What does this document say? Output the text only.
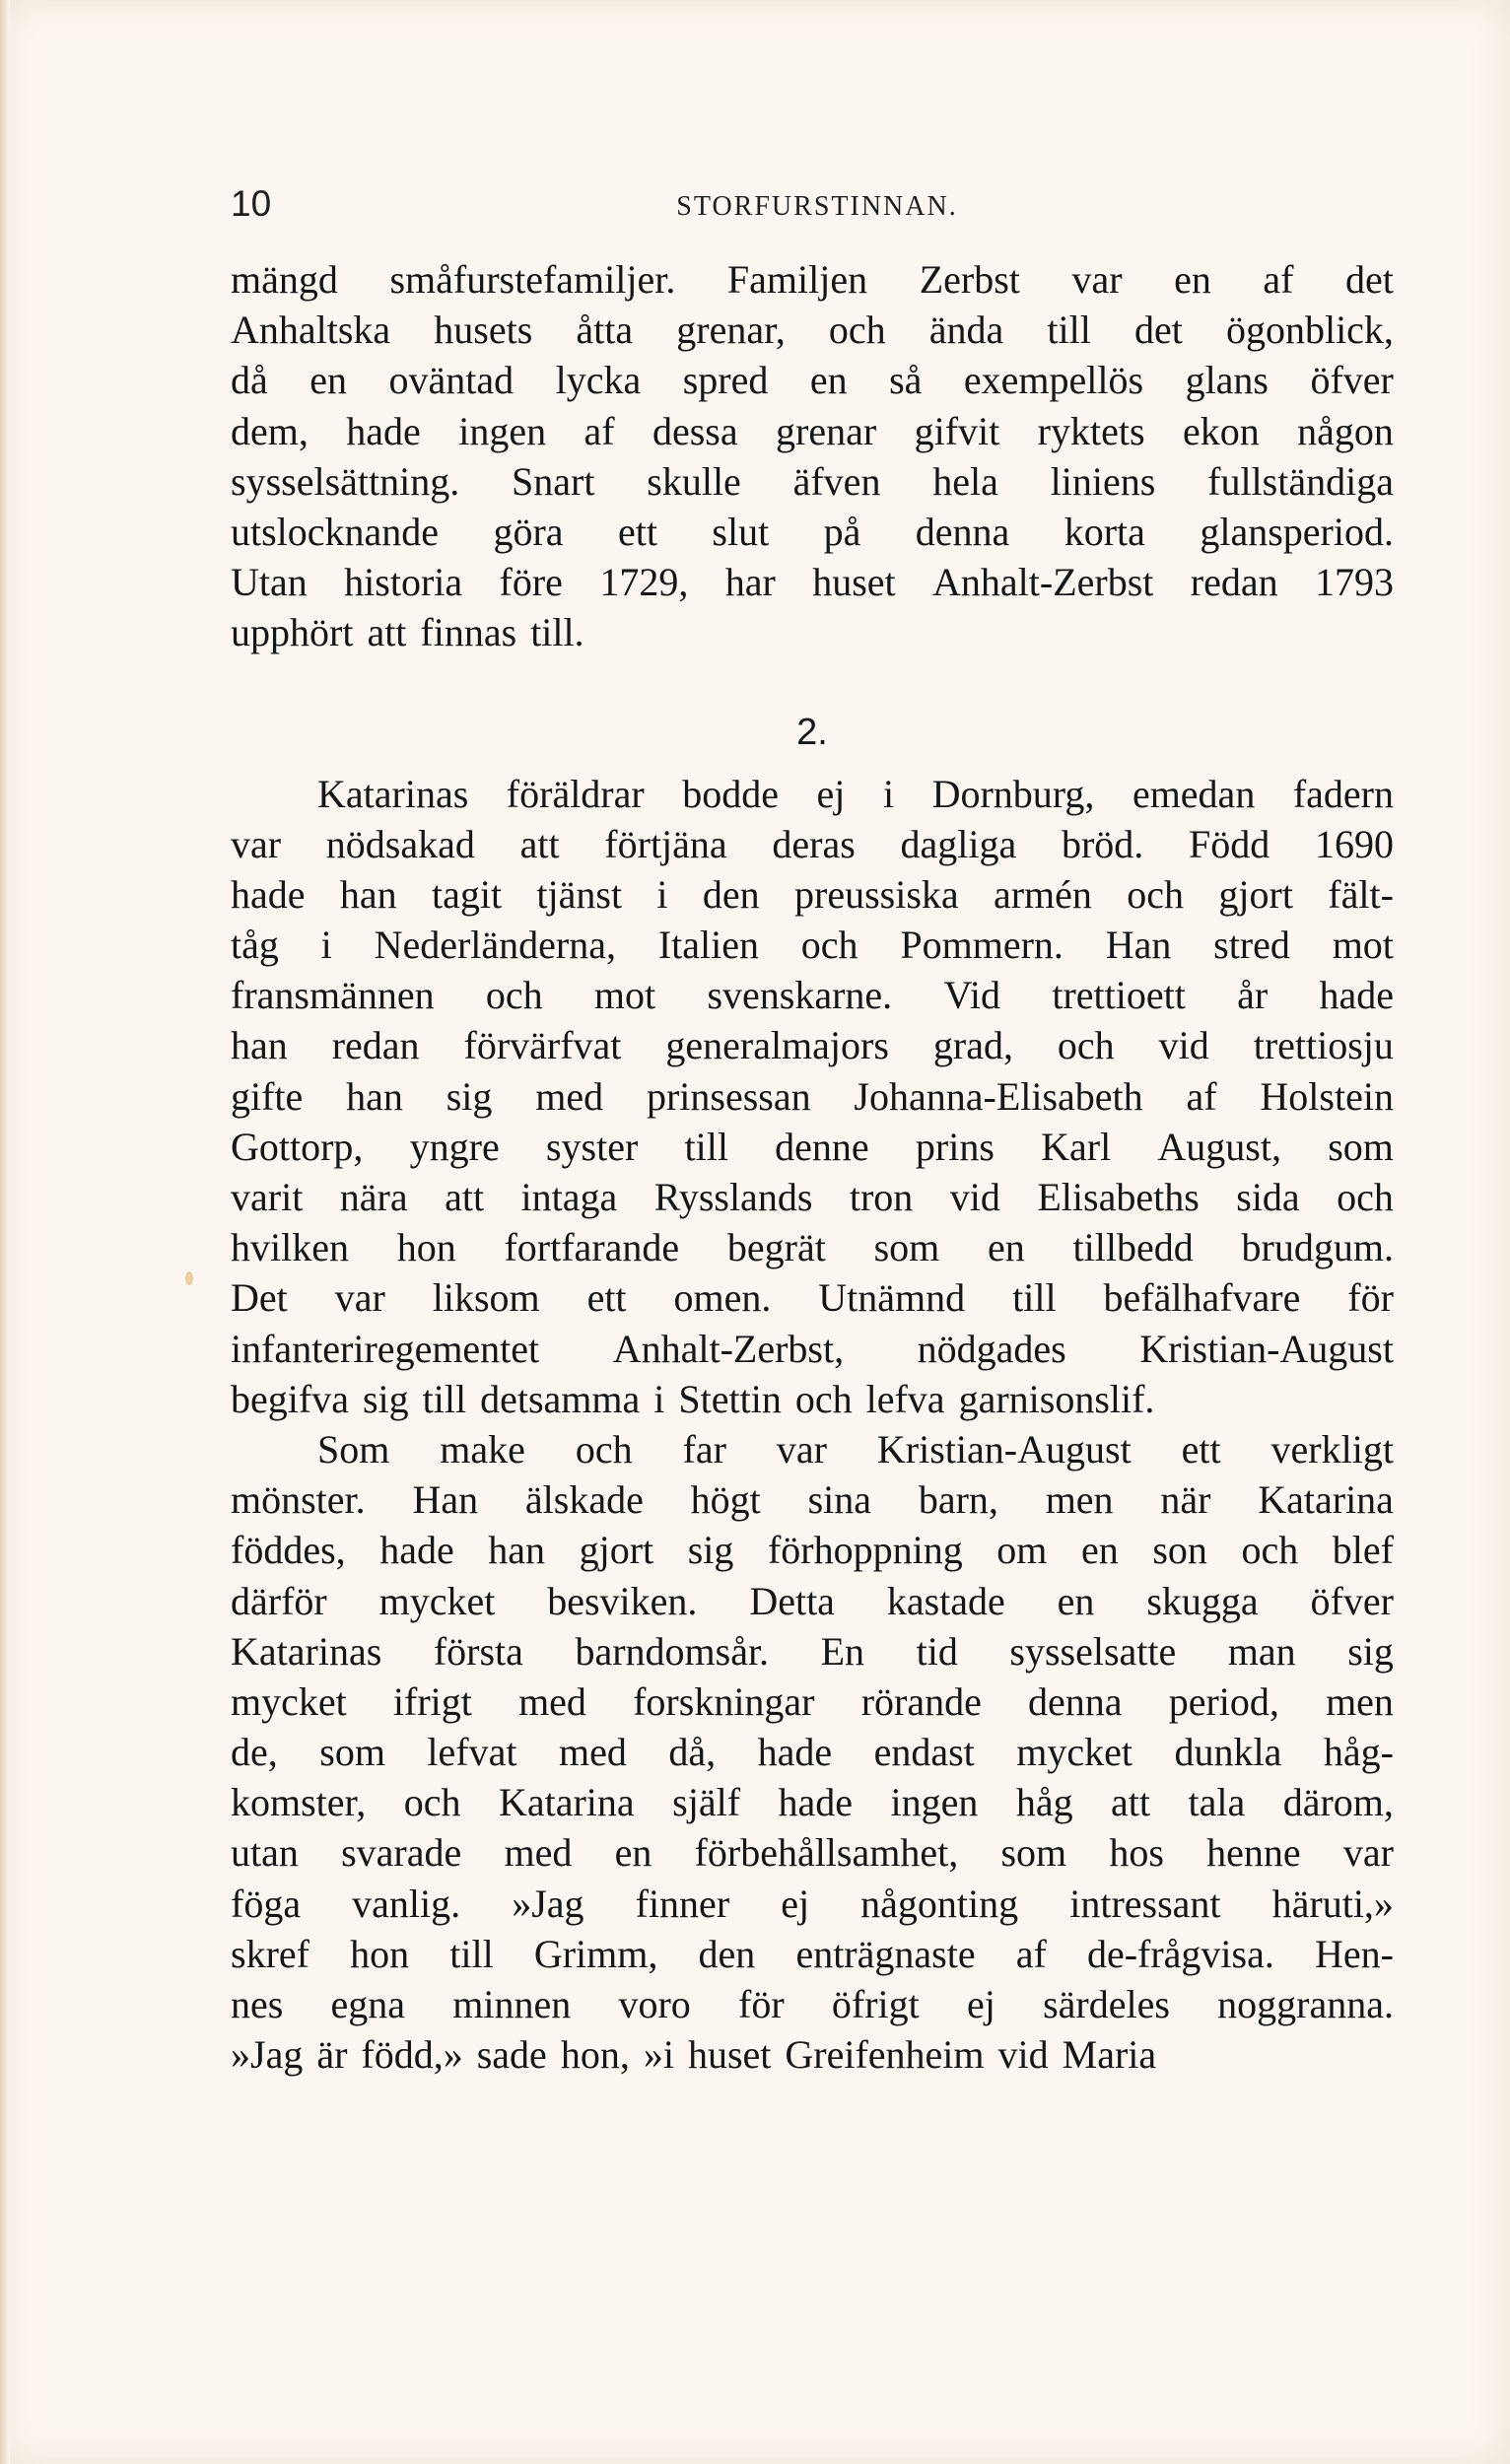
10	STORFURSTINNAN.
mängd småfurstefamiljer. Familjen Zerbst var en af det
Anhaltska husets åtta grenar, och ända till det ögonblick,
då en oväntad lycka spred en så exempellös glans öfver
dem, hade ingen af dessa grenar gifvit ryktets ekon någon
sysselsättning. Snart skulle äfven hela liniens fullständiga
utslocknande göra ett slut på denna korta glansperiod.
Utan historia före 1729, har huset Anhalt-Zerbst redan 1793
upphört att finnas till.
2.
Katarinas föräldrar bodde ej i Dornburg, emedan fadern
var nödsakad att förtjäna deras dagliga bröd. Född 1690
hade han tagit tjänst i den preussiska armén och gjort fält-
tåg i Nederländerna, Italien och Pommern. Han stred mot
fransmännen och mot svenskarne. Vid trettioett år hade
han redan förvärfvat generalmajors grad, och vid trettiosju
gifte han sig med prinsessan Johanna-Elisabeth af Holstein
Gottorp, yngre syster till denne prins Karl August, som
varit nära att intaga Rysslands tron vid Elisabeths sida och
hvilken hon fortfarande begrät som en tillbedd brudgum.
Det var liksom ett omen. Utnämnd till befälhafvare för
infanteriregementet Anhalt-Zerbst, nödgades Kristian-August
begifva sig till detsamma i Stettin och lefva garnisonslif.
Som make och far var Kristian-August ett verkligt
mönster. Han älskade högt sina barn, men när Katarina
föddes, hade han gjort sig förhoppning om en son och blef
därför mycket besviken. Detta kastade en skugga öfver
Katarinas första barndomsår. En tid sysselsatte man sig
mycket ifrigt med forskningar rörande denna period, men
de, som lefvat med då, hade endast mycket dunkla håg-
komster, och Katarina själf hade ingen håg att tala därom,
utan svarade med en förbehållsamhet, som hos henne var
föga vanlig. »Jag finner ej någonting intressant häruti,»
skref hon till Grimm, den enträgnaste af de-frågvisa. Hen-
nes egna minnen voro för öfrigt ej särdeles noggranna.
»Jag är född,» sade hon, »i huset Greifenheim vid Maria
